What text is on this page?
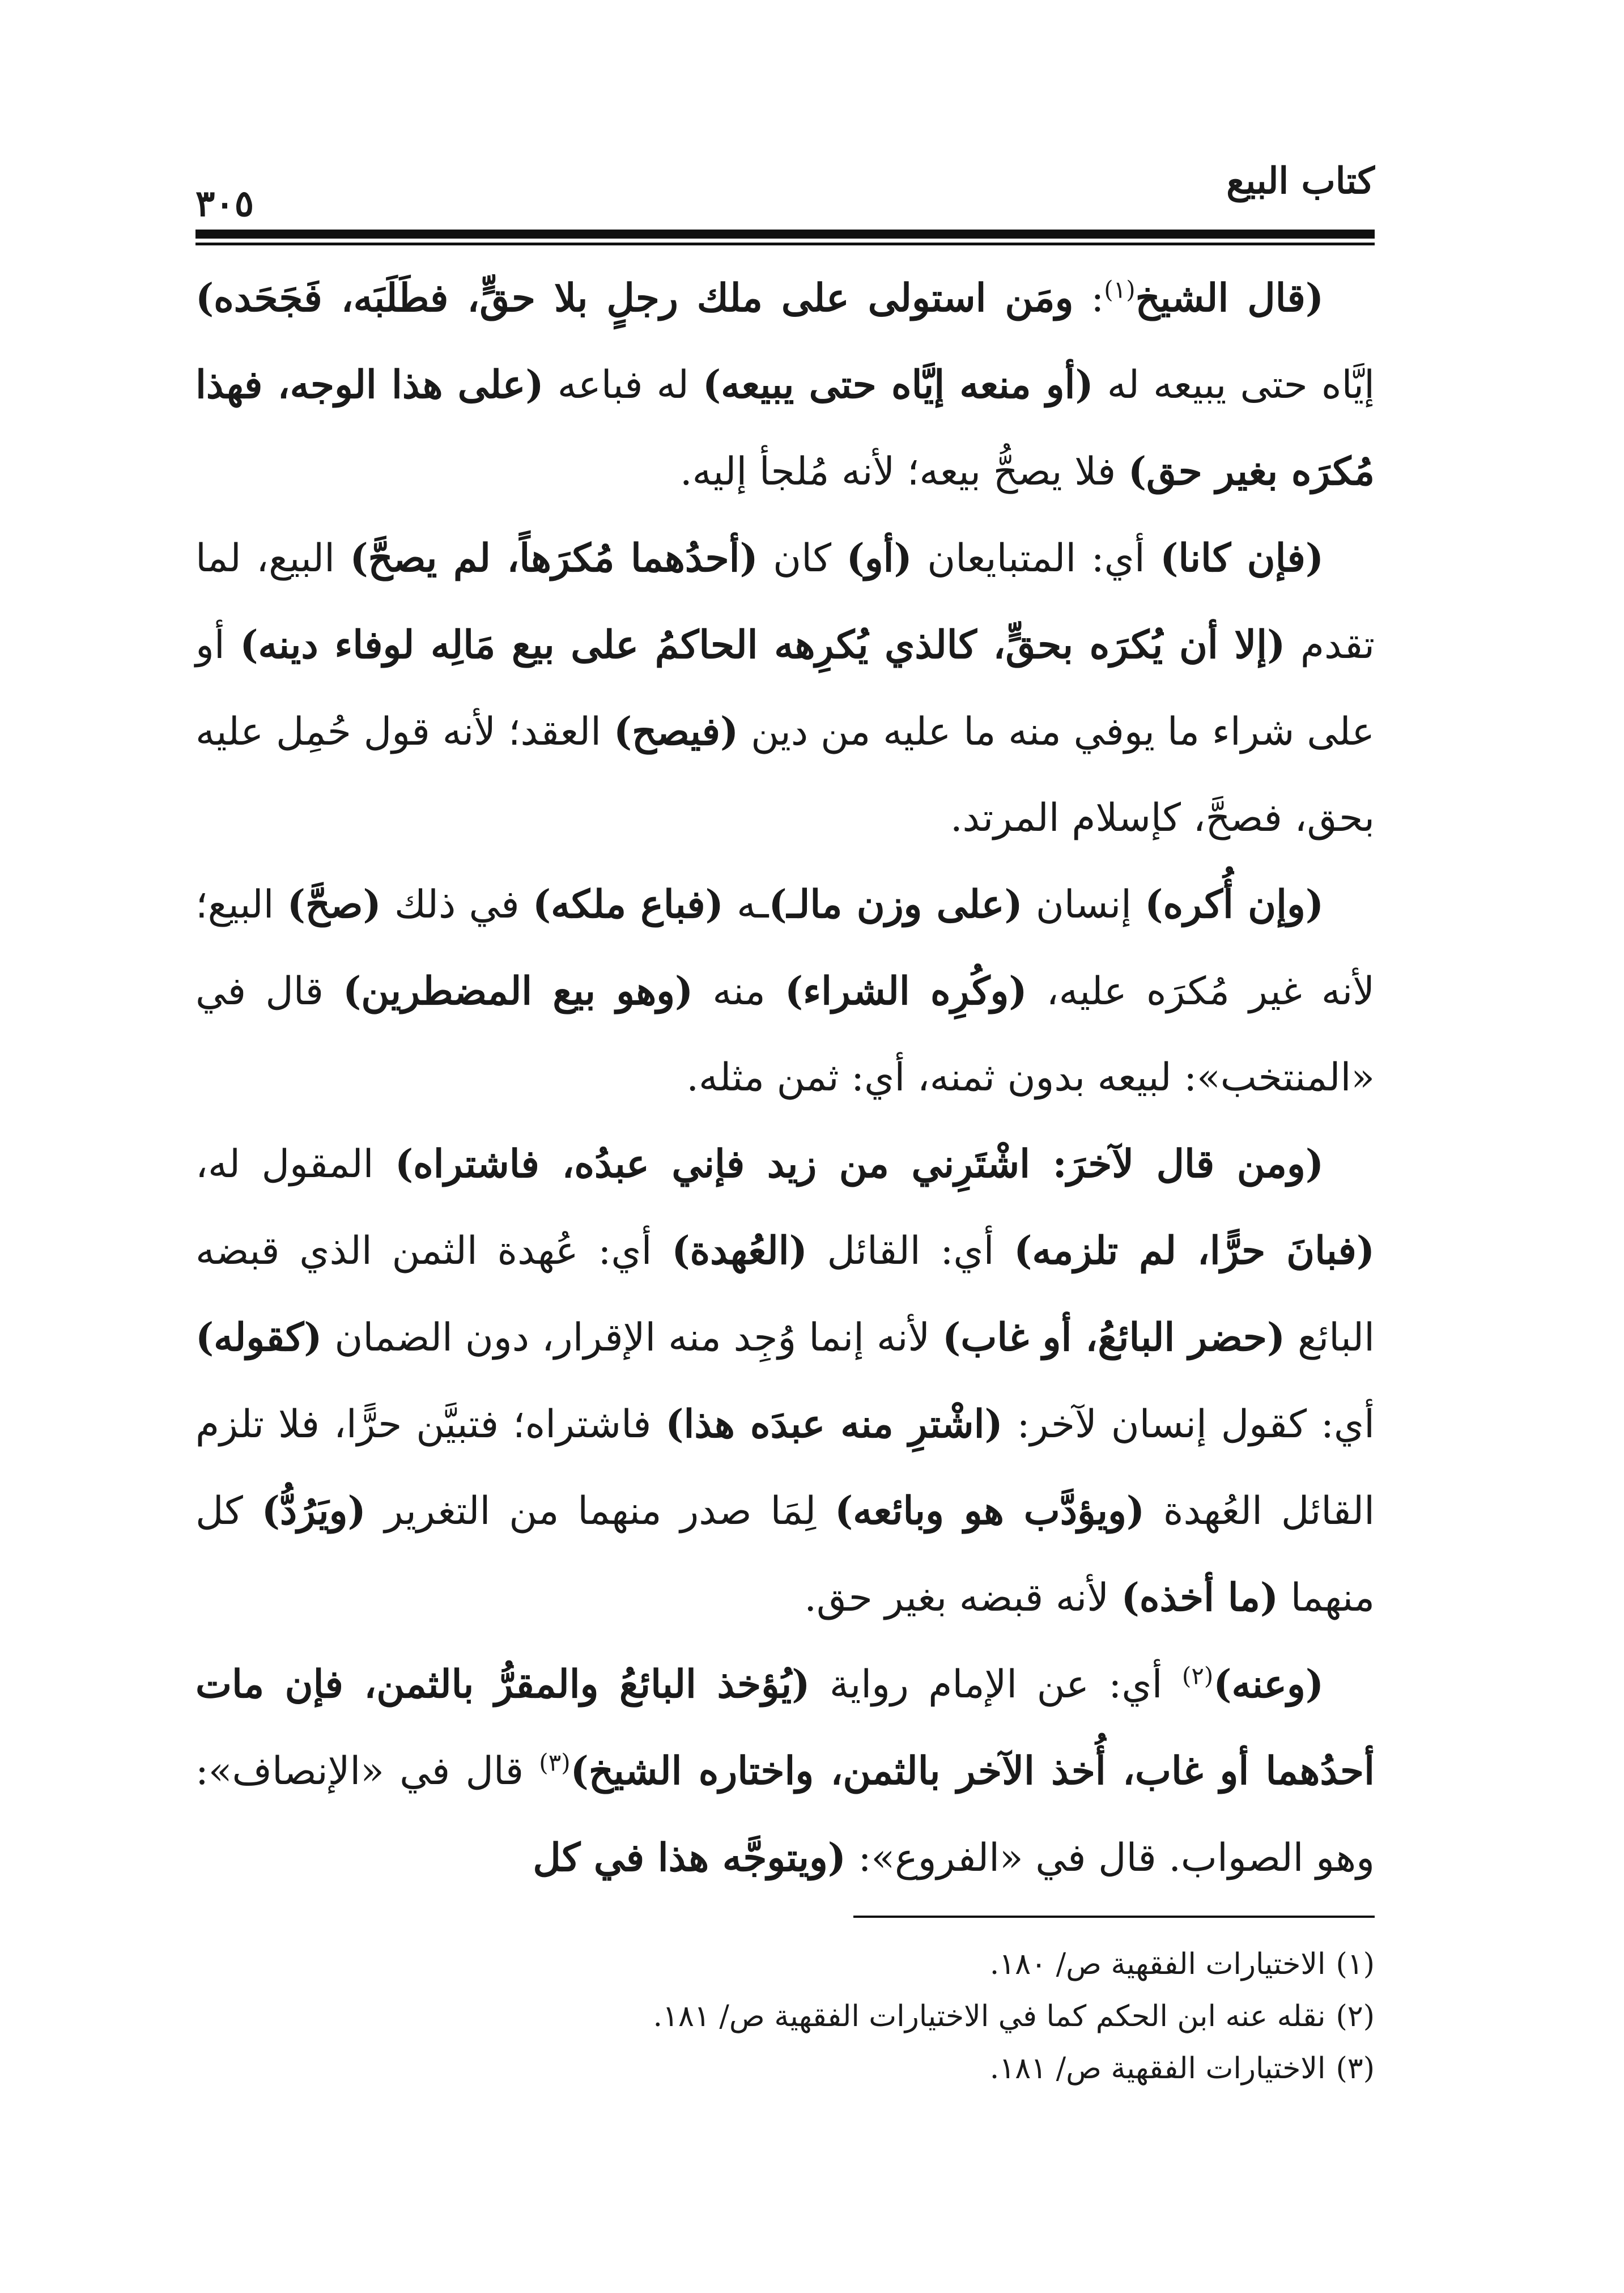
كتاب البيع
٣٠٥

(قال الشيخ$^{(١)}$: ومَن استولى على ملك رجلٍ بلا حقٍّ، فطَلَبَه، فَجَحَده) إيَّاه حتى يبيعه له (أو منعه إيَّاه حتى يبيعه) له فباعه (على هذا الوجه، فهذا مُكرَه بغير حق) فلا يصحُّ بيعه؛ لأنه مُلجأ إليه.

(فإن كانا) أي: المتبايعان (أو) كان (أحدُهما مُكرَهاً، لم يصحَّ) البيع، لما تقدم (إلا أن يُكرَه بحقٍّ، كالذي يُكرِهه الحاكمُ على بيع مَالِه لوفاء دينه) أو على شراء ما يوفي منه ما عليه من دين (فيصح) العقد؛ لأنه قول حُمِل عليه بحق، فصحَّ، كإسلام المرتد.

(وإن أُكره) إنسان (على وزن مالـ)ـه (فباع ملكه) في ذلك (صحَّ) البيع؛ لأنه غير مُكرَه عليه، (وكُرِه الشراء) منه (وهو بيع المضطرين) قال في «المنتخب»: لبيعه بدون ثمنه، أي: ثمن مثله.

(ومن قال لآخرَ: اشْتَرِني من زيد فإني عبدُه، فاشتراه) المقول له، (فبانَ حرًّا، لم تلزمه) أي: القائل (العُهدة) أي: عُهدة الثمن الذي قبضه البائع (حضر البائعُ، أو غاب) لأنه إنما وُجِد منه الإقرار، دون الضمان (كقوله) أي: كقول إنسان لآخر: (اشْترِ منه عبدَه هذا) فاشتراه؛ فتبيَّن حرًّا، فلا تلزم القائل العُهدة (ويؤدَّب هو وبائعه) لِمَا صدر منهما من التغرير (ويَرُدُّ) كل منهما (ما أخذه) لأنه قبضه بغير حق.

(وعنه)$^{(٢)}$ أي: عن الإمام رواية (يُؤخذ البائعُ والمقرُّ بالثمن، فإن مات أحدُهما أو غاب، أُخذ الآخر بالثمن، واختاره الشيخ)$^{(٣)}$ قال في «الإنصاف»: وهو الصواب. قال في «الفروع»: (ويتوجَّه هذا في كل

(١)الاختيارات الفقهية ص/ ١٨٠.

(٢)نقله عنه ابن الحكم كما في الاختيارات الفقهية ص/ ١٨١.

(٣)الاختيارات الفقهية ص/ ١٨١.
